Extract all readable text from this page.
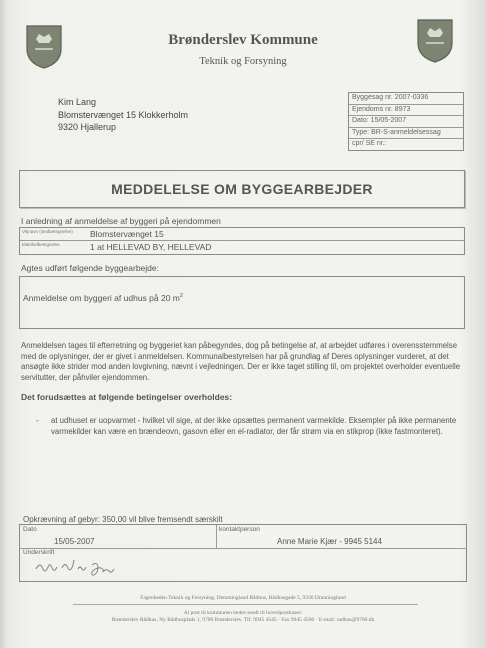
Brønderslev Kommune
Teknik og Forsyning
Kim Lang
Blomstervænget 15 Klokkerholm
9320 Hjallerup
Byggesag nr. 2007-0336
Ejendoms nr. 8973
Dato: 15/05-2007
Type: BR-S-anmeldelsessag
cpr/ SE nr.:
MEDDELELSE OM BYGGEARBEJDER
I anledning af anmeldelse af byggeri på ejendommen
Vejnavn (stedbetegnelse) Blomstervænget 15
Matrikelbetegnelse	1 at HELLEVAD BY, HELLEVAD
Agtes udført følgende byggearbejde:
Anmeldelse om byggeri af udhus på 20 $m^2$
Anmeldelsen tages til efterretning og byggeriet kan påbegyndes, dog på betingelse af, at arbejdet udføres i overensstemmelse med de oplysninger, der er givet i anmeldelsen. Kommunalbestyrelsen har på grundlag af Deres oplysninger vurderet, at det ansøgte ikke strider mod anden lovgivning, nævnt i vejledningen. Der er ikke taget stilling til, om projektet overholder eventuelle servitutter, der påhviler ejendommen.
Det forudsættes at følgende betingelser overholdes:
- at udhuset er uopvarmet - hvilket vil sige, at der ikke opsættes permanent varmekilde. Eksempler på ikke permanente varmekilder kan være en brændeovn, gasovn eller en el-radiator, der får strøm via en stikprop (ikke fastmonteret).
Opkrævning af gebyr: 350,00 vil blive fremsendt særskilt
Dato
15/05-2007
kontaktperson
Anne Marie Kjær - 9945 5144
Underskrift
Fagenheden Teknik og Forsyning, Demmingland Rådhus, Rådhusgade 5, 9330 Dronninglund
Al post til kommunen bedes sendt til hovedpostkasse:
Brønderslev Rådhus, Ny Rådhusplads 1, 9700 Brønderslev. Tlf. 9945 4545 · Fax 9945 4500 · E-mail: radhus@9700.dk
